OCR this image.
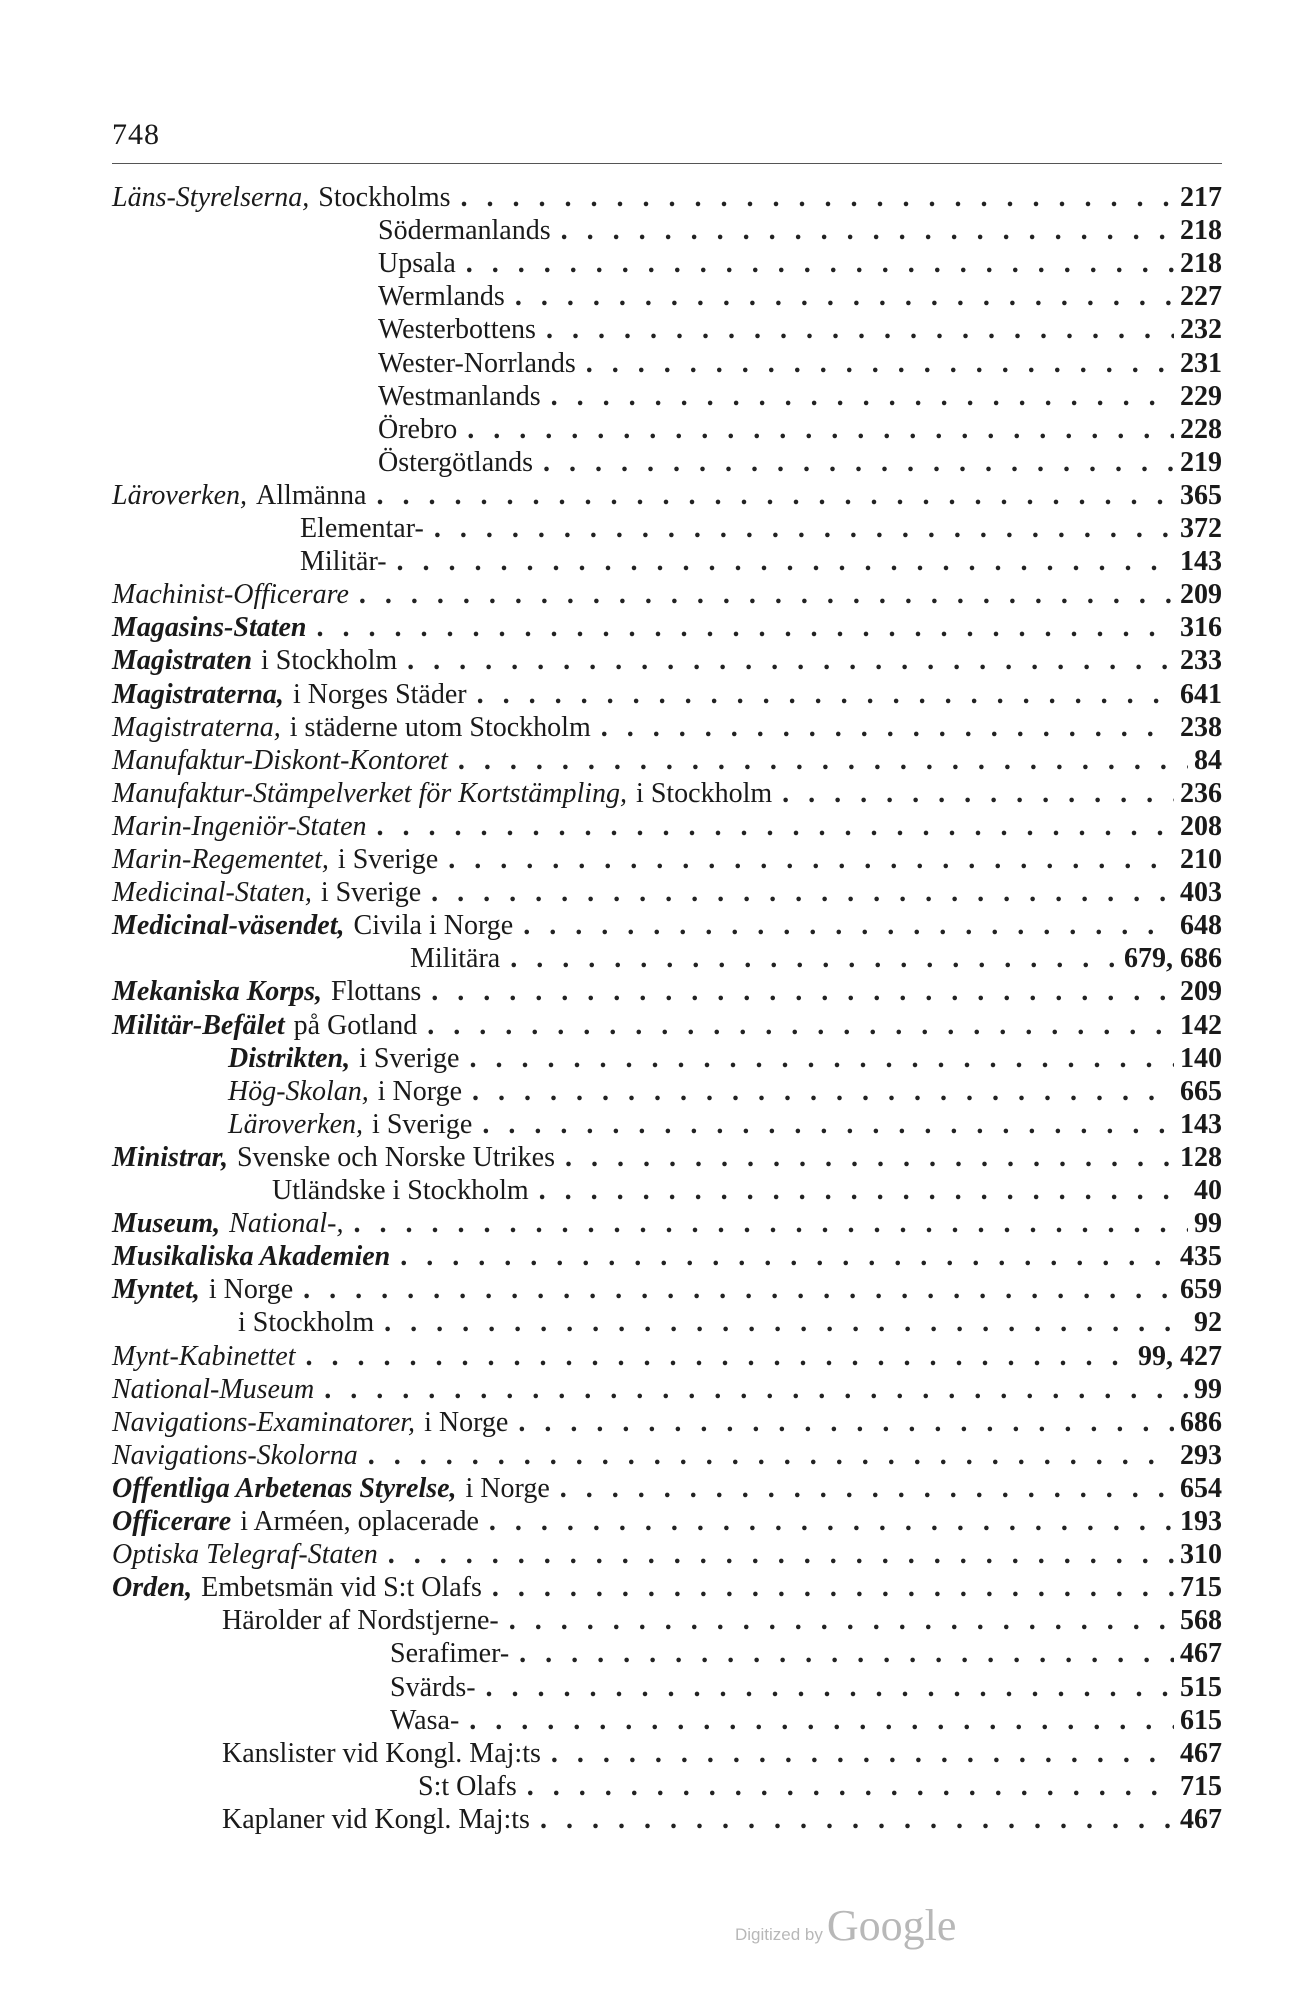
748
Läns-Styrelserna, Stockholms . . .	217
Södermanlands . . .	218
Upsala . . .	218
Wermlands . . .	227
Westerbottens . . .	232
Wester-Norrlands . . .	231
Westmanlands . . .	229
Örebro . . .	228
Östergötlands . . .	219
Läroverken, Allmänna . . .	365
Elementar- . . .	372
Militär- . . .	143
Machinist-Officerare . . .	209
Magasins-Staten . . .	316
Magistraten i Stockholm . . .	233
Magistraterna, i Norges Städer . . .	641
Magistraterna, i städerne utom Stockholm . . .	238
Manufaktur-Diskont-Kontoret . . .	84
Manufaktur-Stämpelverket för Kortstämpling, i Stockholm . . .	236
Marin-Ingeniör-Staten . . .	208
Marin-Regementet, i Sverige . . .	210
Medicinal-Staten, i Sverige . . .	403
Medicinal-väsendet, Civila i Norge . . .	648
Militära . . .	679, 686
Mekaniska Korps, Flottans . . .	209
Militär-Befälet på Gotland . . .	142
Distrikten, i Sverige . . .	140
Hög-Skolan, i Norge . . .	665
Läroverken, i Sverige . . .	143
Ministrar, Svenske och Norske Utrikes . . .	128
Utländske i Stockholm . . .	40
Museum, National-, . . .	99
Musikaliska Akademien . . .	435
Myntet, i Norge . . .	659
i Stockholm . . .	92
Mynt-Kabinettet . . .	99, 427
National-Museum . . .	99
Navigations-Examinatorer, i Norge . . .	686
Navigations-Skolorna . . .	293
Offentliga Arbetenas Styrelse, i Norge . . .	654
Officerare i Arméen, oplacerade . . .	193
Optiska Telegraf-Staten . . .	310
Orden, Embetsmän vid S:t Olafs . . .	715
Härolder af Nordstjerne- . . .	568
Serafimer- . . .	467
Svärds- . . .	515
Wasa- . . .	615
Kanslister vid Kongl. Maj:ts . . .	467
S:t Olafs . . .	715
Kaplaner vid Kongl. Maj:ts . . .	467
Digitized by Google
